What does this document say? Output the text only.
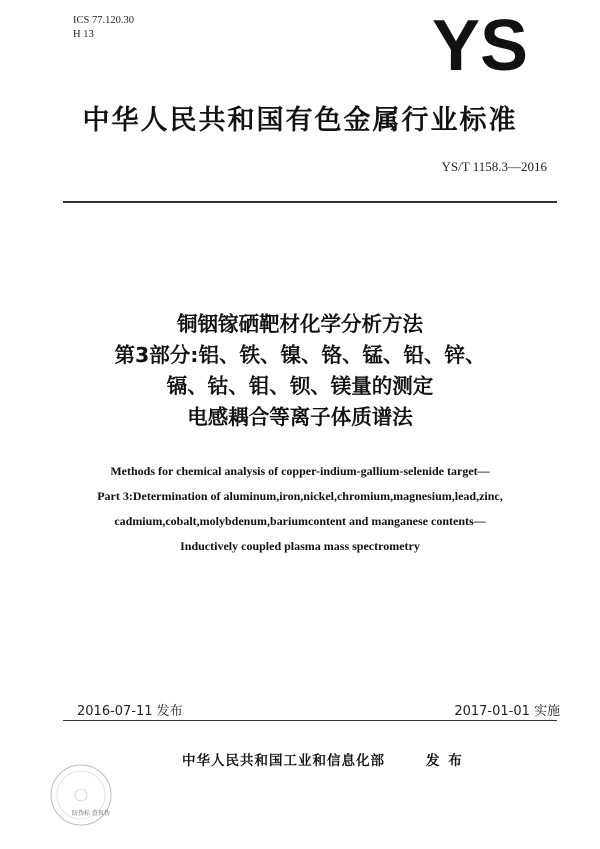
ICS 77.120.30
H 13	YS
中华人民共和国有色金属行业标准
YS/T 1158.3—2016
铜铟镓硒靶材化学分析方法
第3部分:铝、铁、镍、铬、锰、铅、锌、
镉、钴、钼、钡、镁量的测定
电感耦合等离子体质谱法
Methods for chemical analysis of copper-indium-gallium-selenide target—
Part 3:Determination of aluminum,iron,nickel,chromium,magnesium,lead,zinc,
cadmium,cobalt,molybdenum,bariumcontent and manganese contents—
Inductively coupled plasma mass spectrometry
2016-07-11 发布	2017-01-01 实施
中华人民共和国工业和信息化部	发 布
防伪标 查真伪
